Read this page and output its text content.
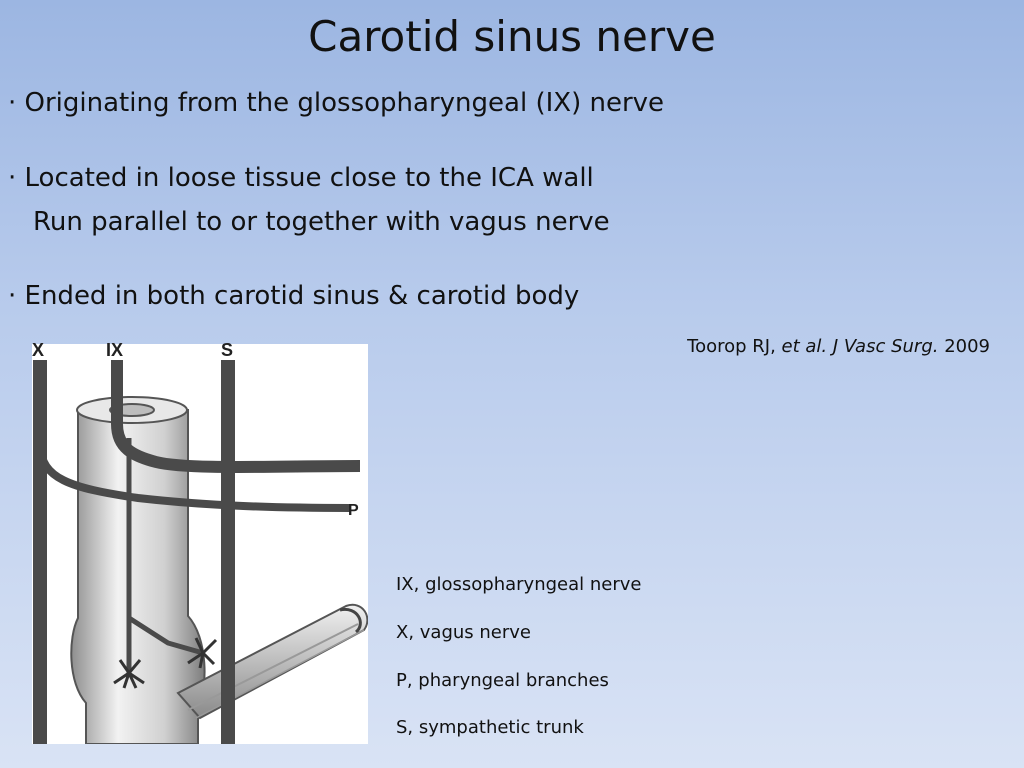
Carotid sinus nerve
· Originating from the glossopharyngeal (IX) nerve
· Located in loose tissue close to the ICA wall
Run parallel to or together with vagus nerve
· Ended in both carotid sinus & carotid body
Toorop RJ, et al. J Vasc Surg. 2009
X	IX	S
P
IX, glossopharyngeal nerve
X, vagus nerve
P, pharyngeal branches
S, sympathetic trunk
